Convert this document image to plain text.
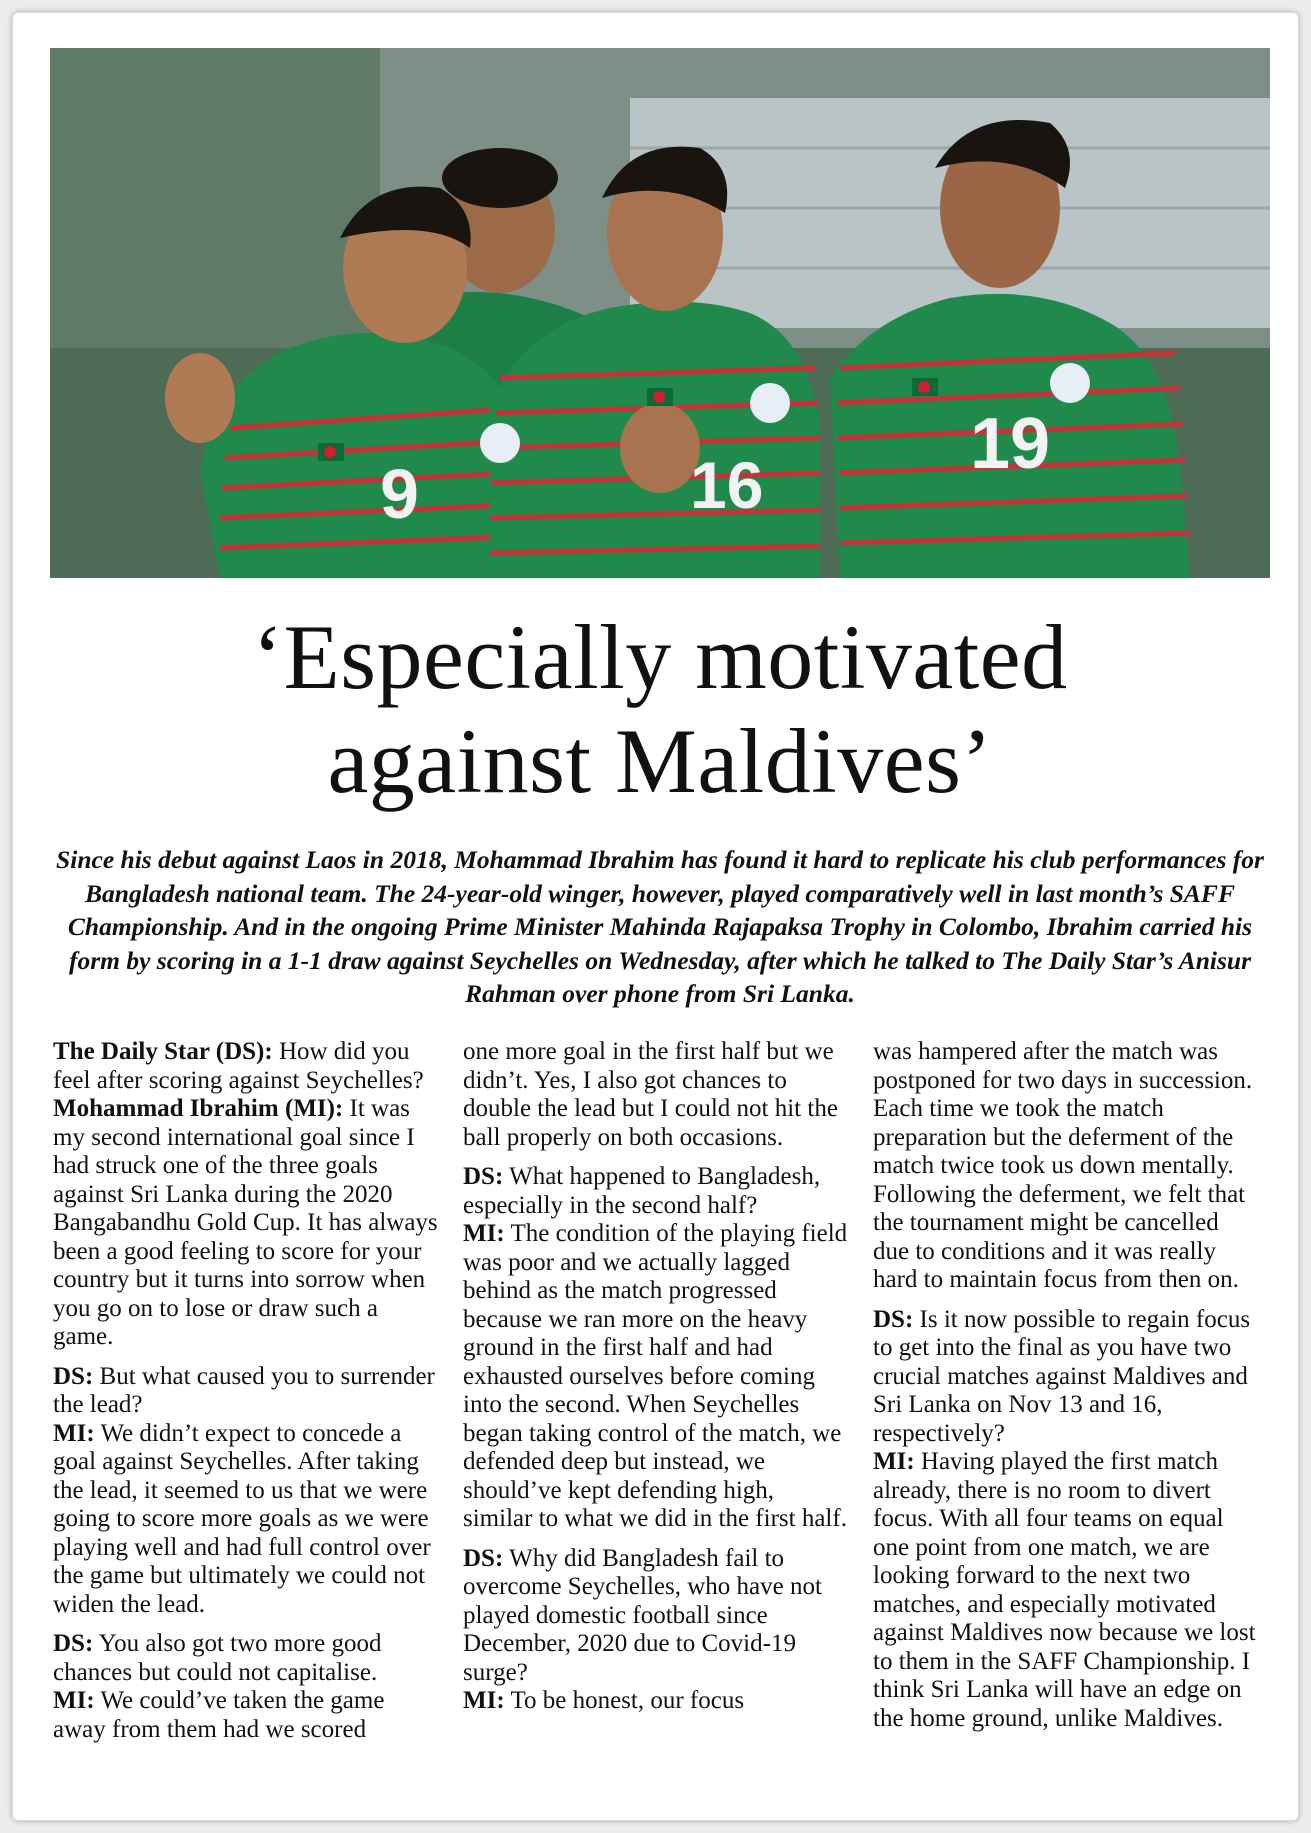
9	16
19
‘Especially motivated
against Maldives’

Since his debut against Laos in 2018, Mohammad Ibrahim has found it hard to replicate his club performances for Bangladesh national team. The 24-year-old winger, however, played comparatively well in last month’s SAFF Championship. And in the ongoing Prime Minister Mahinda Rajapaksa Trophy in Colombo, Ibrahim carried his form by scoring in a 1-1 draw against Seychelles on Wednesday, after which he talked to The Daily Star’s Anisur Rahman over phone from Sri Lanka.

The Daily Star (DS): How did you feel after scoring against Seychelles?
Mohammad Ibrahim (MI): It was my second international goal since I had struck one of the three goals against Sri Lanka during the 2020 Bangabandhu Gold Cup. It has always been a good feeling to score for your country but it turns into sorrow when you go on to lose or draw such a game.

DS: But what caused you to surrender the lead?
MI: We didn’t expect to concede a goal against Seychelles. After taking the lead, it seemed to us that we were going to score more goals as we were playing well and had full control over the game but ultimately we could not widen the lead.

DS: You also got two more good chances but could not capitalise.
MI: We could’ve taken the game away from them had we scored

one more goal in the first half but we didn’t. Yes, I also got chances to double the lead but I could not hit the ball properly on both occasions.

DS: What happened to Bangladesh, especially in the second half?
MI: The condition of the playing field was poor and we actually lagged behind as the match progressed because we ran more on the heavy ground in the first half and had exhausted ourselves before coming into the second. When Seychelles began taking control of the match, we defended deep but instead, we should’ve kept defending high, similar to what we did in the first half.

DS: Why did Bangladesh fail to overcome Seychelles, who have not played domestic football since December, 2020 due to Covid-19 surge?
MI: To be honest, our focus

was hampered after the match was postponed for two days in succession. Each time we took the match preparation but the deferment of the match twice took us down mentally. Following the deferment, we felt that the tournament might be cancelled due to conditions and it was really hard to maintain focus from then on.

DS: Is it now possible to regain focus to get into the final as you have two crucial matches against Maldives and Sri Lanka on Nov 13 and 16, respectively?
MI: Having played the first match already, there is no room to divert focus. With all four teams on equal one point from one match, we are looking forward to the next two matches, and especially motivated against Maldives now because we lost to them in the SAFF Championship. I think Sri Lanka will have an edge on the home ground, unlike Maldives.
